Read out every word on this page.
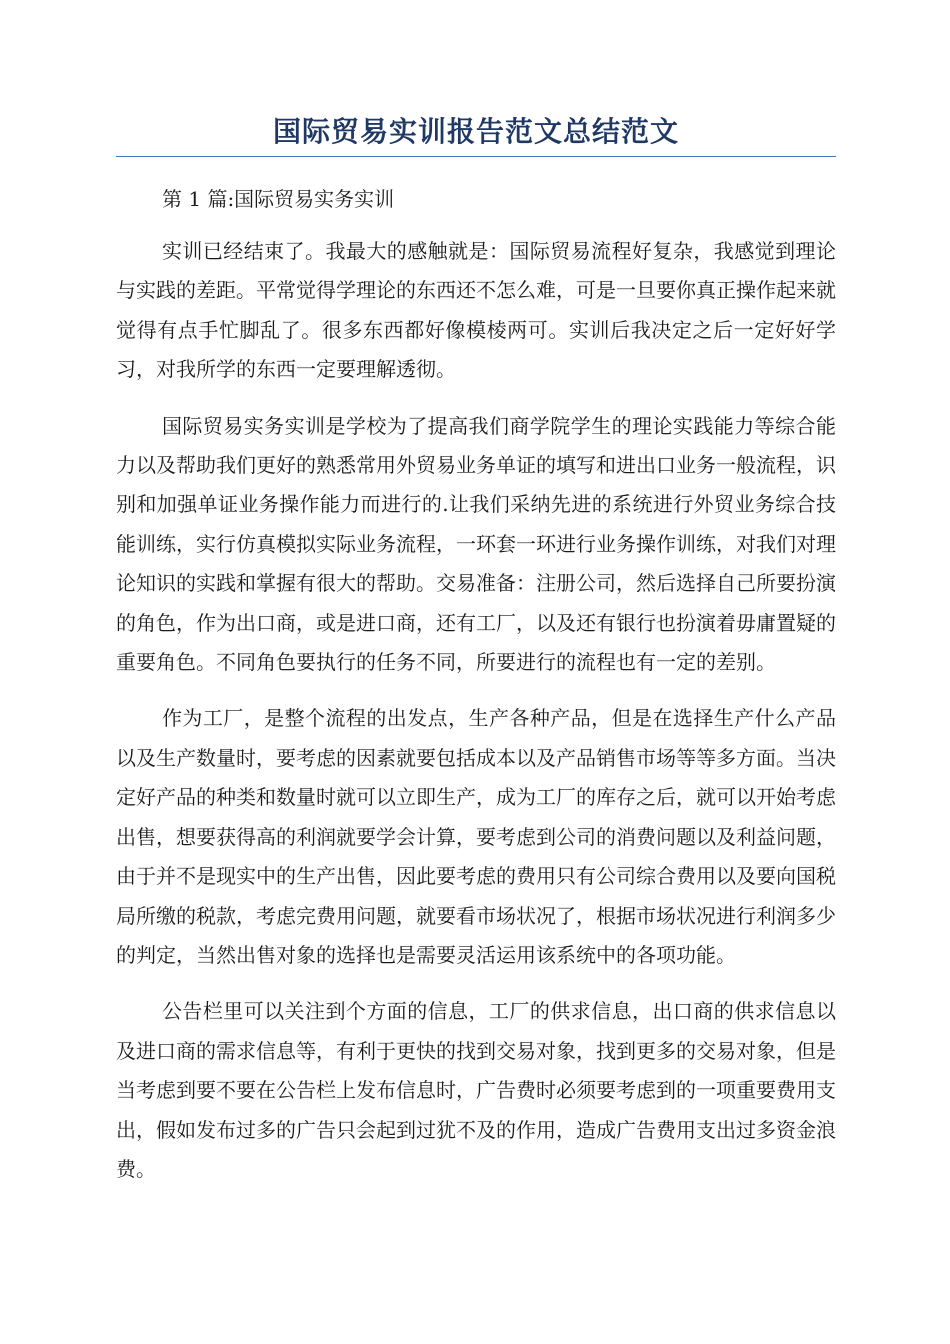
国际贸易实训报告范文总结范文

第 1 篇:国际贸易实务实训

实训已经结束了。我最大的感触就是：国际贸易流程好复杂，我感觉到理论与实践的差距。平常觉得学理论的东西还不怎么难，可是一旦要你真正操作起来就觉得有点手忙脚乱了。很多东西都好像模棱两可。实训后我决定之后一定好好学习，对我所学的东西一定要理解透彻。

国际贸易实务实训是学校为了提高我们商学院学生的理论实践能力等综合能力以及帮助我们更好的熟悉常用外贸易业务单证的填写和进出口业务一般流程，识别和加强单证业务操作能力而进行的.让我们采纳先进的系统进行外贸业务综合技能训练，实行仿真模拟实际业务流程，一环套一环进行业务操作训练，对我们对理论知识的实践和掌握有很大的帮助。交易准备：注册公司，然后选择自己所要扮演的角色，作为出口商，或是进口商，还有工厂，以及还有银行也扮演着毋庸置疑的重要角色。不同角色要执行的任务不同，所要进行的流程也有一定的差别。

作为工厂，是整个流程的出发点，生产各种产品，但是在选择生产什么产品以及生产数量时，要考虑的因素就要包括成本以及产品销售市场等等多方面。当决定好产品的种类和数量时就可以立即生产，成为工厂的库存之后，就可以开始考虑出售，想要获得高的利润就要学会计算，要考虑到公司的消费问题以及利益问题，由于并不是现实中的生产出售，因此要考虑的费用只有公司综合费用以及要向国税局所缴的税款，考虑完费用问题，就要看市场状况了，根据市场状况进行利润多少的判定，当然出售对象的选择也是需要灵活运用该系统中的各项功能。

公告栏里可以关注到个方面的信息，工厂的供求信息，出口商的供求信息以及进口商的需求信息等，有利于更快的找到交易对象，找到更多的交易对象，但是当考虑到要不要在公告栏上发布信息时，广告费时必须要考虑到的一项重要费用支出，假如发布过多的广告只会起到过犹不及的作用，造成广告费用支出过多资金浪费。
